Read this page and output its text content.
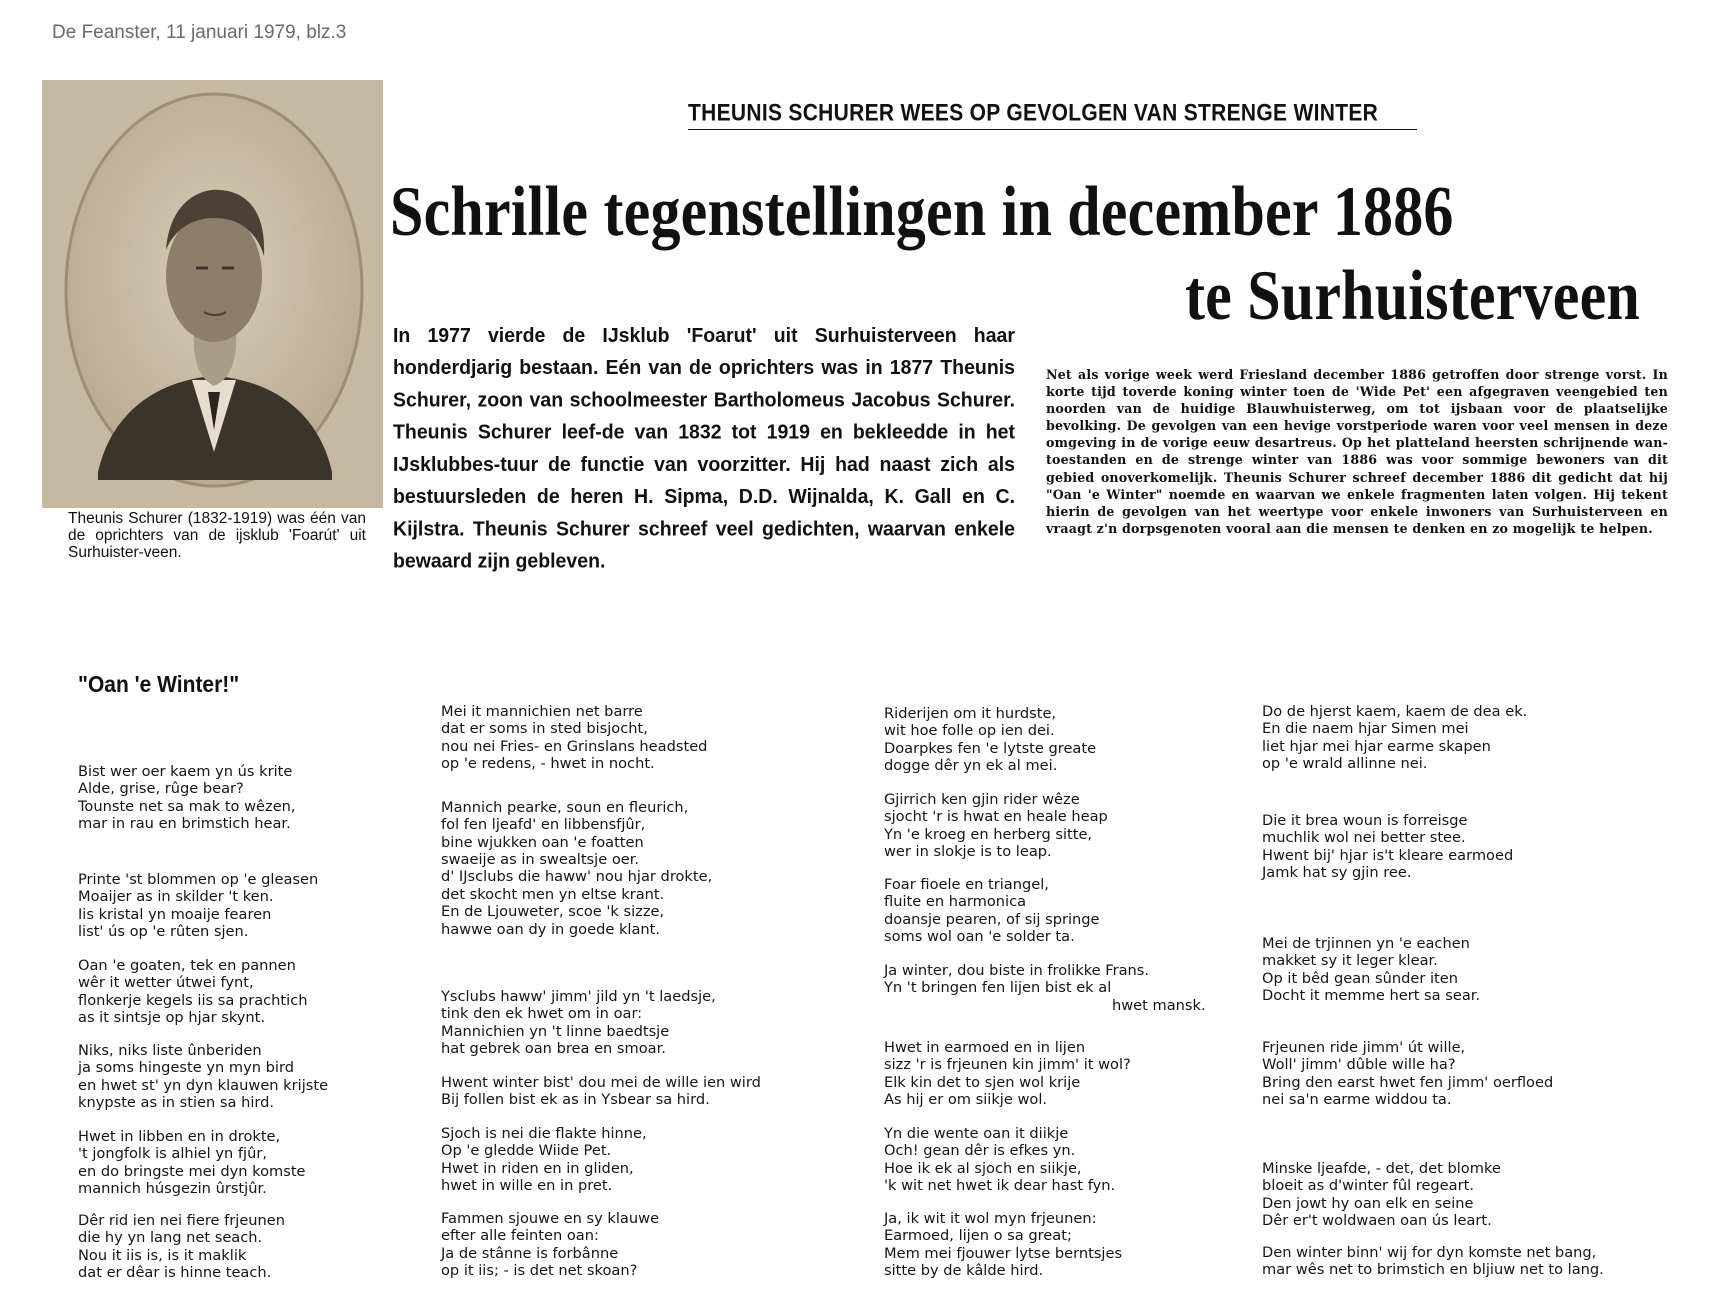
De Feanster, 11 januari 1979, blz.3
Theunis Schurer (1832-1919) was één van de oprichters van de ijsklub 'Foarút' uit Surhuister-veen.
THEUNIS SCHURER WEES OP GEVOLGEN VAN STRENGE WINTER
Schrille tegenstellingen in december 1886
te Surhuisterveen
In 1977 vierde de IJsklub 'Foarut' uit Surhuisterveen haar honderdjarig bestaan. Eén van de oprichters was in 1877 Theunis Schurer, zoon van schoolmeester Bartholomeus Jacobus Schurer. Theunis Schurer leef-de van 1832 tot 1919 en bekleedde in het IJsklubbes-tuur de functie van voorzitter. Hij had naast zich als bestuursleden de heren H. Sipma, D.D. Wijnalda, K. Gall en C. Kijlstra. Theunis Schurer schreef veel gedichten, waarvan enkele bewaard zijn gebleven.
Net als vorige week werd Friesland december 1886 getroffen door strenge vorst. In korte tijd toverde koning winter toen de 'Wide Pet' een afgegraven veengebied ten noorden van de huidige Blauwhuisterweg, om tot ijsbaan voor de plaatselijke bevolking. De gevolgen van een hevige vorstperiode waren voor veel mensen in deze omgeving in de vorige eeuw desartreus. Op het platteland heersten schrijnende wan-toestanden en de strenge winter van 1886 was voor sommige bewoners van dit gebied onoverkomelijk. Theunis Schurer schreef december 1886 dit gedicht dat hij "Oan 'e Winter" noemde en waarvan we enkele fragmenten laten volgen. Hij tekent hierin de gevolgen van het weertype voor enkele inwoners van Surhuisterveen en vraagt z'n dorpsgenoten vooral aan die mensen te denken en zo mogelijk te helpen.
"Oan 'e Winter!"

Bist wer oer kaem yn ús krite
Alde, grise, rûge bear?
Tounste net sa mak to wêzen,
mar in rau en brimstich hear.

Printe 'st blommen op 'e gleasen
Moaijer as in skilder 't ken.
Iis kristal yn moaije fearen
list' ús op 'e rûten sjen.

Oan 'e goaten, tek en pannen
wêr it wetter útwei fynt,
flonkerje kegels iis sa prachtich
as it sintsje op hjar skynt.

Niks, niks liste ûnberiden
ja soms hingeste yn myn bird
en hwet st' yn dyn klauwen krijste
knypste as in stien sa hird.

Hwet in libben en in drokte,
't jongfolk is alhiel yn fjûr,
en do bringste mei dyn komste
mannich húsgezin ûrstjûr.

Dêr rid ien nei fiere frjeunen
die hy yn lang net seach.
Nou it iis is, is it maklik
dat er dêar is hinne teach.

Mei it mannichien net barre
dat er soms in sted bisjocht,
nou nei Fries- en Grinslans headsted
op 'e redens, - hwet in nocht.

Mannich pearke, soun en fleurich,
fol fen ljeafd' en libbensfjûr,
bine wjukken oan 'e foatten
swaeije as in swealtsje oer.
d' IJsclubs die haww' nou hjar drokte,
det skocht men yn eltse krant.
En de Ljouweter, scoe 'k sizze,
hawwe oan dy in goede klant.

Ysclubs haww' jimm' jild yn 't laedsje,
tink den ek hwet om in oar:
Mannichien yn 't linne baedtsje
hat gebrek oan brea en smoar.

Hwent winter bist' dou mei de wille ien wird
Bij follen bist ek as in Ysbear sa hird.

Sjoch is nei die flakte hinne,
Op 'e gledde Wiide Pet.
Hwet in riden en in gliden,
hwet in wille en in pret.

Fammen sjouwe en sy klauwe
efter alle feinten oan:
Ja de stânne is forbânne
op it iis; - is det net skoan?

Riderijen om it hurdste,
wit hoe folle op ien dei.
Doarpkes fen 'e lytste greate
dogge dêr yn ek al mei.

Gjirrich ken gjin rider wêze
sjocht 'r is hwat en heale heap
Yn 'e kroeg en herberg sitte,
wer in slokje is to leap.

Foar fioele en triangel,
fluite en harmonica
doansje pearen, of sij springe
soms wol oan 'e solder ta.

Ja winter, dou biste in frolikke Frans.
Yn 't bringen fen lijen bist ek al
hwet mansk.

Hwet in earmoed en in lijen
sizz 'r is frjeunen kin jimm' it wol?
Elk kin det to sjen wol krije
As hij er om siikje wol.

Yn die wente oan it diikje
Och! gean dêr is efkes yn.
Hoe ik ek al sjoch en siikje,
'k wit net hwet ik dear hast fyn.

Ja, ik wit it wol myn frjeunen:
Earmoed, lijen o sa great;
Mem mei fjouwer lytse berntsjes
sitte by de kâlde hird.

Do de hjerst kaem, kaem de dea ek.
En die naem hjar Simen mei
liet hjar mei hjar earme skapen
op 'e wrald allinne nei.

Die it brea woun is forreisge
muchlik wol nei better stee.
Hwent bij' hjar is't kleare earmoed
Jamk hat sy gjin ree.

Mei de trjinnen yn 'e eachen
makket sy it leger klear.
Op it bêd gean sûnder iten
Docht it memme hert sa sear.

Frjeunen ride jimm' út wille,
Woll' jimm' dûble wille ha?
Bring den earst hwet fen jimm' oerfloed
nei sa'n earme widdou ta.

Minske ljeafde, - det, det blomke
bloeit as d'winter fûl regeart.
Den jowt hy oan elk en seine
Dêr er't woldwaen oan ús leart.

Den winter binn' wij for dyn komste net bang,
mar wês net to brimstich en bljiuw net to lang.
